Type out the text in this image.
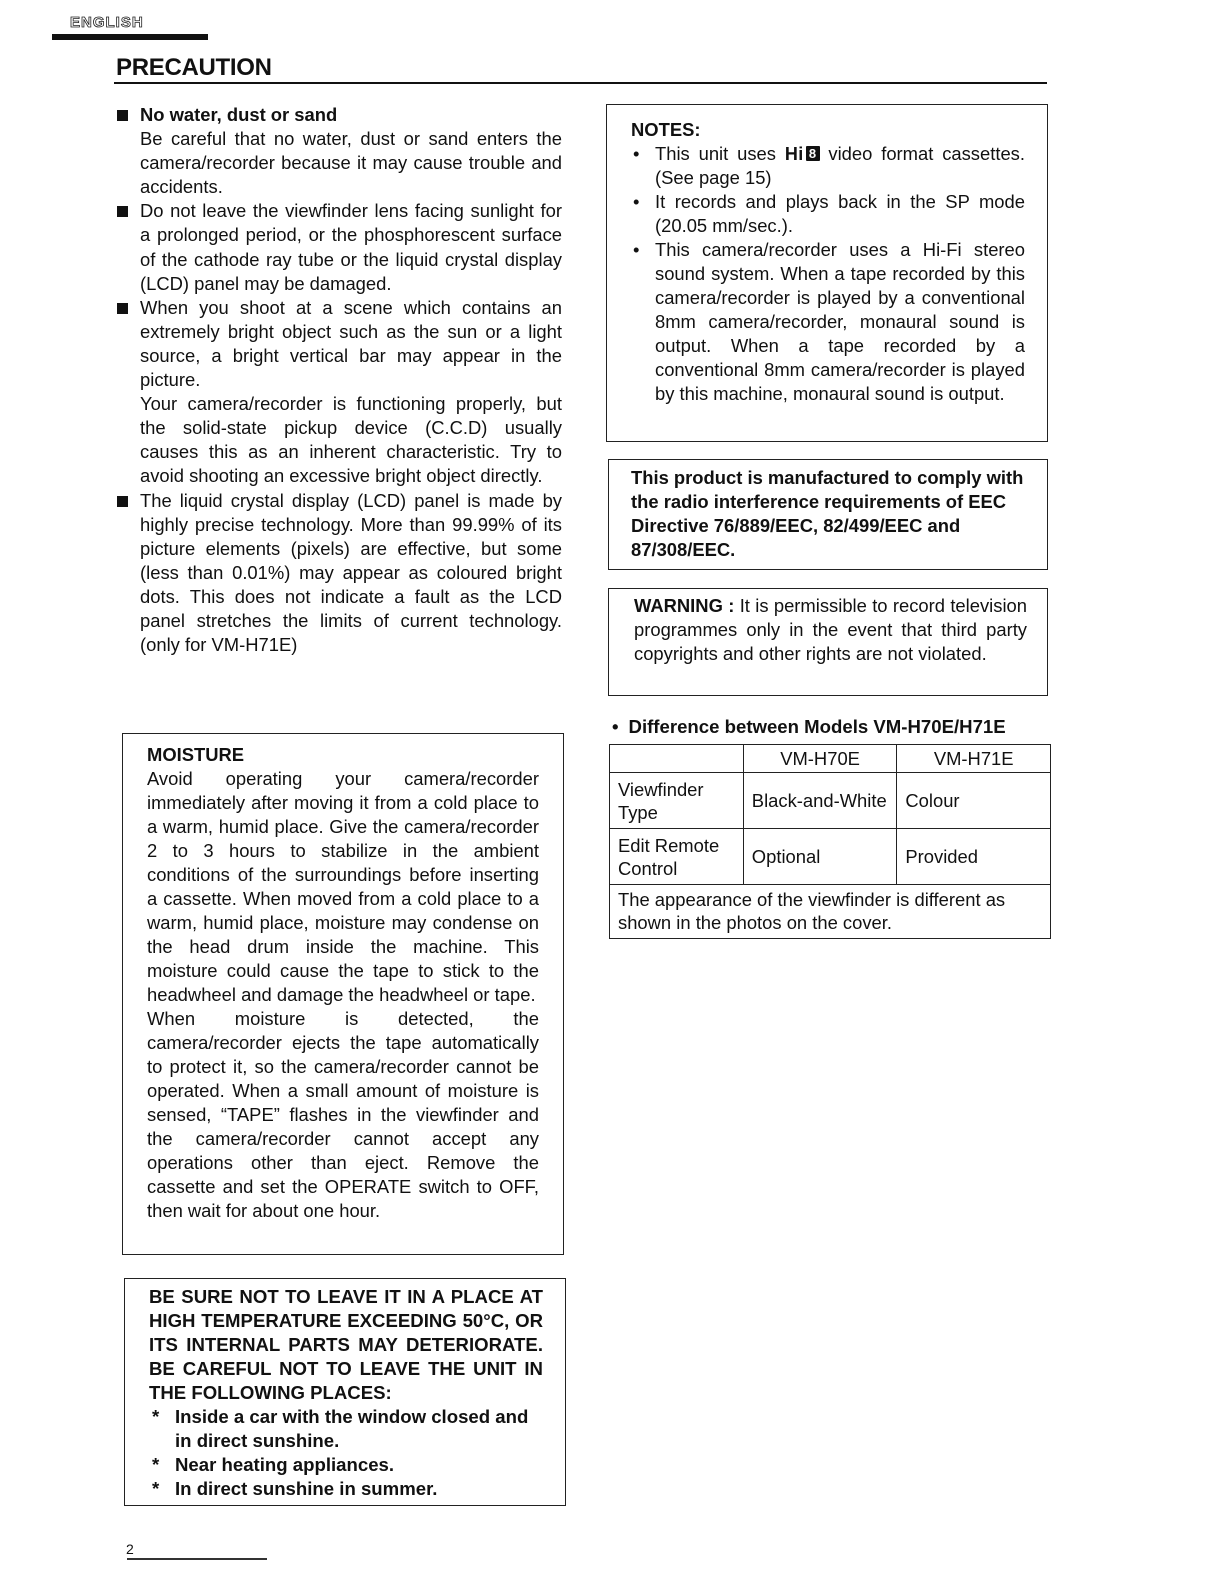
ENGLISH
PRECAUTION
No water, dust or sand
Be careful that no water, dust or sand enters the camera/recorder because it may cause trouble and accidents.
Do not leave the viewfinder lens facing sunlight for a prolonged period, or the phosphorescent surface of the cathode ray tube or the liquid crystal display (LCD) panel may be damaged.
When you shoot at a scene which contains an extremely bright object such as the sun or a light source, a bright vertical bar may appear in the picture.
Your camera/recorder is functioning properly, but the solid-state pickup device (C.C.D) usually causes this as an inherent characteristic. Try to avoid shooting an excessive bright object directly.
The liquid crystal display (LCD) panel is made by highly precise technology. More than 99.99% of its picture elements (pixels) are effective, but some (less than 0.01%) may appear as coloured bright dots. This does not indicate a fault as the LCD panel stretches the limits of current technology. (only for VM-H71E)
MOISTURE
Avoid operating your camera/recorder immediately after moving it from a cold place to a warm, humid place. Give the camera/recorder 2 to 3 hours to stabilize in the ambient conditions of the surroundings before inserting a cassette. When moved from a cold place to a warm, humid place, moisture may condense on the head drum inside the machine. This moisture could cause the tape to stick to the headwheel and damage the headwheel or tape.
When moisture is detected, the camera/recorder ejects the tape automatically to protect it, so the camera/recorder cannot be operated. When a small amount of moisture is sensed, “TAPE” flashes in the viewfinder and the camera/recorder cannot accept any operations other than eject. Remove the cassette and set the OPERATE switch to OFF, then wait for about one hour.
BE SURE NOT TO LEAVE IT IN A PLACE AT HIGH TEMPERATURE EXCEEDING 50°C, OR ITS INTERNAL PARTS MAY DETERIORATE. BE CAREFUL NOT TO LEAVE THE UNIT IN THE FOLLOWING PLACES:
* Inside a car with the window closed and in direct sunshine.
* Near heating appliances.
* In direct sunshine in summer.
2
NOTES:
• This unit uses Hi 8 video format cassettes. (See page 15)
• It records and plays back in the SP mode (20.05 mm/sec.).
• This camera/recorder uses a Hi-Fi stereo sound system. When a tape recorded by this camera/recorder is played by a conventional 8mm camera/recorder, monaural sound is output. When a tape recorded by a conventional 8mm camera/recorder is played by this machine, monaural sound is output.
This product is manufactured to comply with the radio interference requirements of EEC Directive 76/889/EEC, 82/499/EEC and 87/308/EEC.
WARNING : It is permissible to record television programmes only in the event that third party copyrights and other rights are not violated.
• Difference between Models VM-H70E/H71E
	VM-H70E	VM-H71E
Viewfinder Type	Black-and-White	Colour
Edit Remote Control	Optional	Provided
The appearance of the viewfinder is different as shown in the photos on the cover.		
